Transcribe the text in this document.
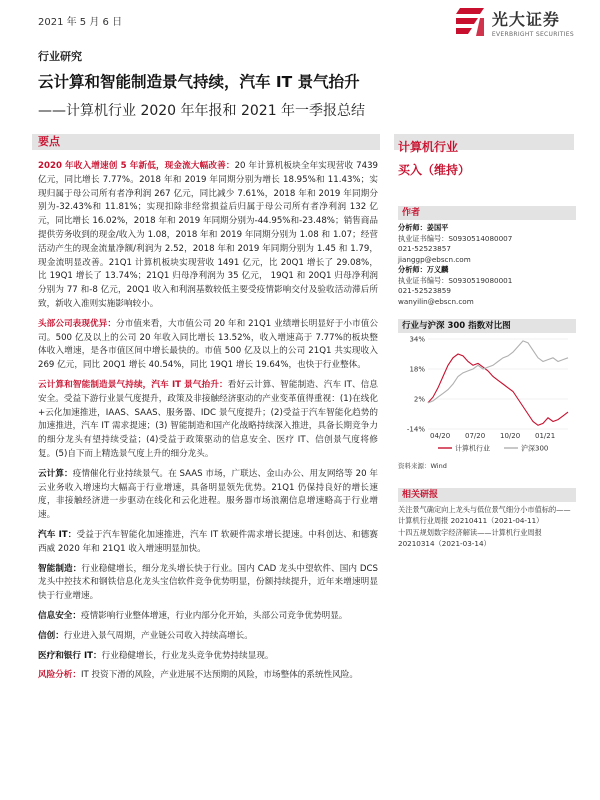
2021 年 5 月 6 日	光大证券
EVERBRIGHT SECURITIES
行业研究
云计算和智能制造景气持续，汽车 IT 景气抬升
——计算机行业 2020 年年报和 2021 年一季报总结
要点

2020 年收入增速创 5 年新低，现金流大幅改善：20 年计算机板块全年实现营收 7439 亿元，同比增长 7.77%。2018 年和 2019 年同期分别为增长 18.95%和 11.43%；实现归属于母公司所有者净利润 267 亿元，同比减少 7.61%，2018 年和 2019 年同期分别为-32.43%和 11.81%；实现扣除非经常损益后归属于母公司所有者净利润 132 亿元，同比增长 16.02%，2018 年和 2019 年同期分别为-44.95%和-23.48%；销售商品提供劳务收到的现金/收入为 1.08，2018 年和 2019 年同期分别为 1.08 和 1.07；经营活动产生的现金流量净额/利润为 2.52，2018 年和 2019 年同期分别为 1.45 和 1.79，现金流明显改善。21Q1 计算机板块实现营收 1491 亿元，比 20Q1 增长了 29.08%，比 19Q1 增长了 13.74%；21Q1 归母净利润为 35 亿元， 19Q1 和 20Q1 归母净利润分别为 77 和-8 亿元，20Q1 收入和利润基数较低主要受疫情影响交付及验收活动滞后所致，新收入准则实施影响较小。

头部公司表现优异：分市值来看，大市值公司 20 年和 21Q1 业绩增长明显好于小市值公司。500 亿及以上的公司 20 年收入同比增长 13.52%，收入增速高于 7.77%的板块整体收入增速，是各市值区间中增长最快的。市值 500 亿及以上的公司 21Q1 共实现收入 269 亿元，同比 20Q1 增长 40.54%，同比 19Q1 增长 19.64%，也快于行业整体。

云计算和智能制造景气持续，汽车 IT 景气抬升：看好云计算、智能制造、汽车 IT、信息安全。受益下游行业景气度提升，政策及非接触经济驱动的产业变革值得重视：(1)在线化+云化加速推进，IAAS、SAAS、服务器、IDC 景气度提升；(2)受益于汽车智能化趋势的加速推进，汽车 IT 需求提速；(3) 智能制造和国产化战略持续深入推进，具备长期竞争力的细分龙头有望持续受益；(4)受益于政策驱动的信息安全、医疗 IT、信创景气度将修复。(5)自下而上精选景气度上升的细分龙头。

云计算：疫情催化行业持续景气。在 SAAS 市场，广联达、金山办公、用友网络等 20 年云业务收入增速均大幅高于行业增速，具备明显领先优势。21Q1 仍保持良好的增长速度，非接触经济进一步驱动在线化和云化进程。服务器市场浪潮信息增速略高于行业增速。

汽车 IT：受益于汽车智能化加速推进，汽车 IT 软硬件需求增长提速。中科创达、和德赛西威 2020 年和 21Q1 收入增速明显加快。

智能制造：行业稳健增长，细分龙头增长快于行业。国内 CAD 龙头中望软件、国内 DCS 龙头中控技术和钢铁信息化龙头宝信软件竞争优势明显，份额持续提升，近年来增速明显快于行业增速。

信息安全：疫情影响行业整体增速，行业内部分化开始，头部公司竞争优势明显。

信创：行业进入景气周期，产业链公司收入持续高增长。

医疗和银行 IT：行业稳健增长，行业龙头竞争优势持续显现。

风险分析：IT 投资下滑的风险，产业进展不达预期的风险，市场整体的系统性风险。

计算机行业
买入（维持）
作者
分析师：姜国平
执业证书编号：S0930514080007
021-52523857
jianggp@ebscn.com
分析师：万义麟
执业证书编号：S0930519080001
021-52523859
wanyilin@ebscn.com
行业与沪深 300 指数对比图
-14%
2%
18%
34%
04/20 07/20 10/20 01/21
计算机行业	沪深300
资料来源：Wind
相关研报
关注景气确定向上龙头与低位景气细分小市值标的——计算机行业周报 20210411（2021-04-11）
十四五规划数字经济解读——计算机行业周报 20210314（2021-03-14）
